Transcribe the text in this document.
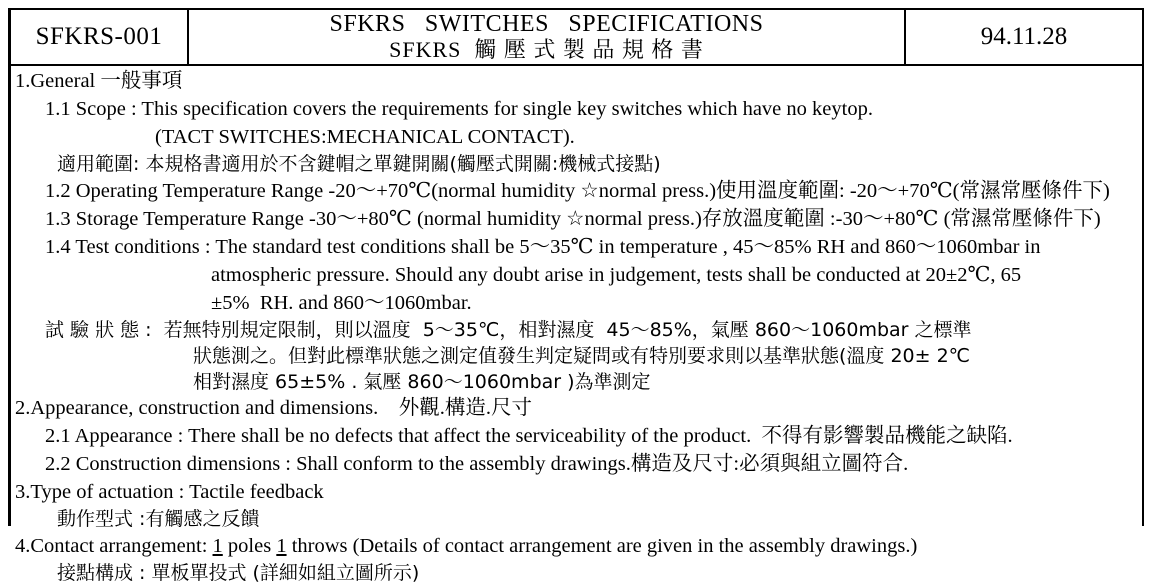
SFKRS-001	SFKRS   SWITCHES   SPECIFICATIONS
SFKRS  觸 壓 式 製 品 規 格 書	94.11.28
1.General 一般事項
1.1 Scope : This specification covers the requirements for single key switches which have no keytop.
(TACT SWITCHES:MECHANICAL CONTACT).
適用範圍: 本規格書適用於不含鍵帽之單鍵開關(觸壓式開關:機械式接點)
1.2 Operating Temperature Range -20〜+70℃(normal humidity ☆normal press.)使用溫度範圍: -20〜+70℃(常濕常壓條件下)
1.3 Storage Temperature Range -30〜+80℃ (normal humidity ☆normal press.)存放溫度範圍 :-30〜+80℃ (常濕常壓條件下)
1.4 Test conditions : The standard test conditions shall be 5〜35℃ in temperature , 45〜85% RH and 860〜1060mbar in
atmospheric pressure. Should any doubt arise in judgement, tests shall be conducted at 20±2℃, 65
±5%  RH. and 860〜1060mbar.
試 驗 狀 態 :  若無特別規定限制，則以溫度  5〜35℃，相對濕度  45〜85%，氣壓 860〜1060mbar 之標準
狀態測之。但對此標準狀態之測定值發生判定疑問或有特別要求則以基準狀態(溫度 20± 2℃
相對濕度 65±5% . 氣壓 860〜1060mbar )為準測定
2.Appearance, construction and dimensions.    外觀.構造.尺寸
2.1 Appearance : There shall be no defects that affect the serviceability of the product.  不得有影響製品機能之缺陷.
2.2 Construction dimensions : Shall conform to the assembly drawings.構造及尺寸:必須與組立圖符合.
3.Type of actuation : Tactile feedback
動作型式 :有觸感之反饋
4.Contact arrangement: 1 poles 1 throws (Details of contact arrangement are given in the assembly drawings.)
接點構成 : 單板單投式 (詳細如組立圖所示)
